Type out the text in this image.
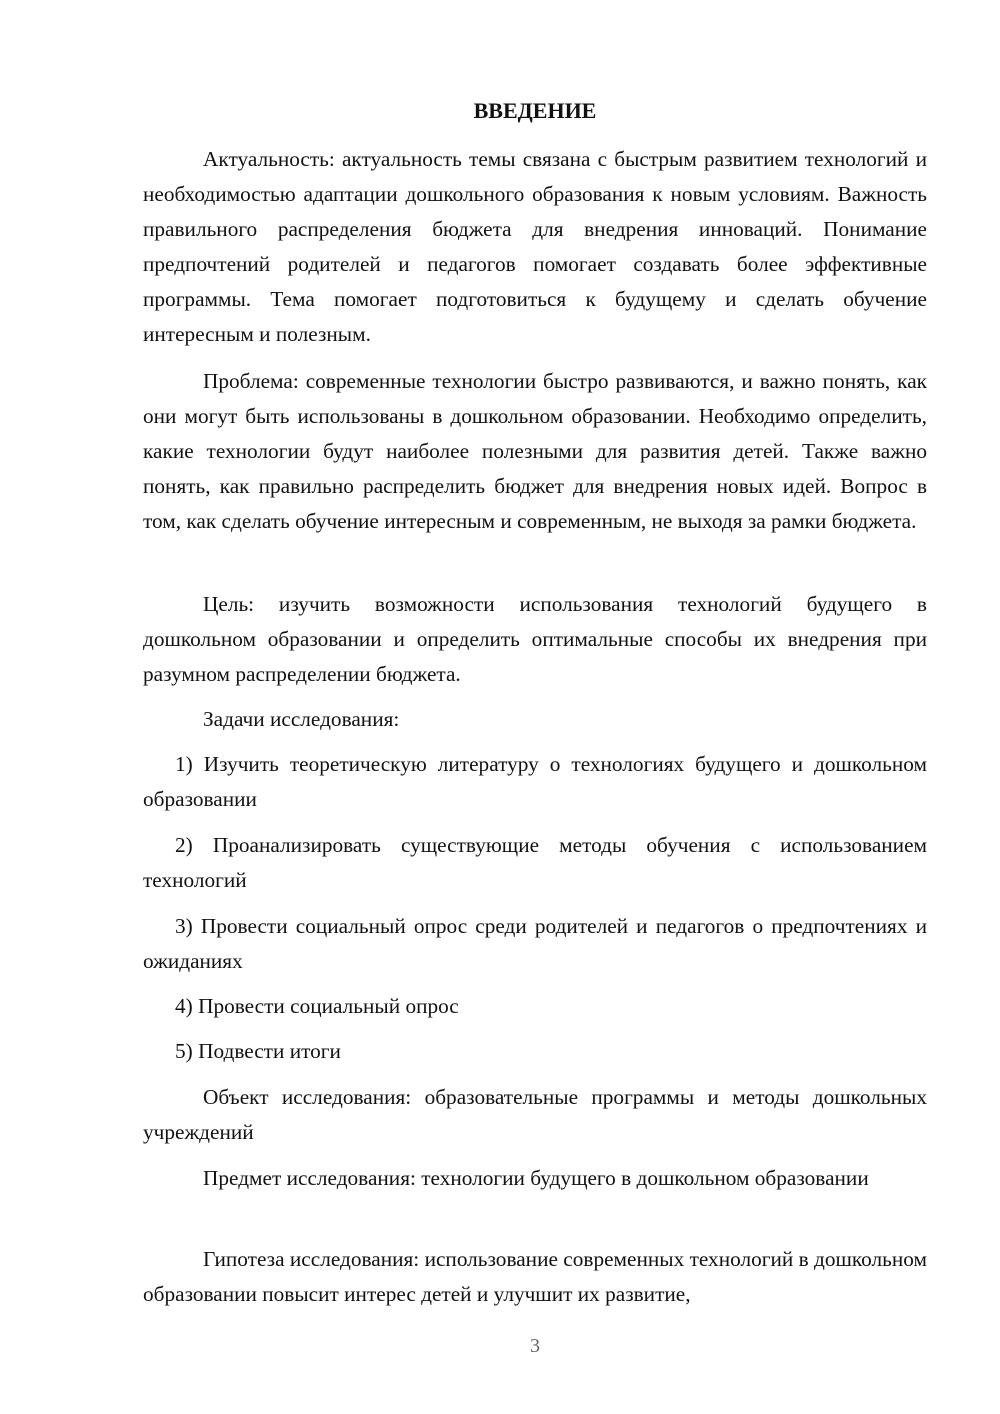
ВВЕДЕНИЕ

Актуальность: актуальность темы связана с быстрым развитием технологий и необходимостью адаптации дошкольного образования к новым условиям. Важность правильного распределения бюджета для внедрения инноваций. Понимание предпочтений родителей и педагогов помогает создавать более эффективные программы. Тема помогает подготовиться к будущему и сделать обучение интересным и полезным.

Проблема: современные технологии быстро развиваются, и важно понять, как они могут быть использованы в дошкольном образовании. Необходимо определить, какие технологии будут наиболее полезными для развития детей. Также важно понять, как правильно распределить бюджет для внедрения новых идей. Вопрос в том, как сделать обучение интересным и современным, не выходя за рамки бюджета.

Цель: изучить возможности использования технологий будущего в дошкольном образовании и определить оптимальные способы их внедрения при разумном распределении бюджета.

Задачи исследования:

1) Изучить теоретическую литературу о технологиях будущего и дошкольном образовании

2) Проанализировать существующие методы обучения с использованием технологий

3) Провести социальный опрос среди родителей и педагогов о предпочтениях и ожиданиях

4) Провести социальный опрос

5) Подвести итоги

Объект исследования: образовательные программы и методы дошкольных учреждений

Предмет исследования: технологии будущего в дошкольном образовании

Гипотеза исследования: использование современных технологий в дошкольном образовании повысит интерес детей и улучшит их развитие,

3
